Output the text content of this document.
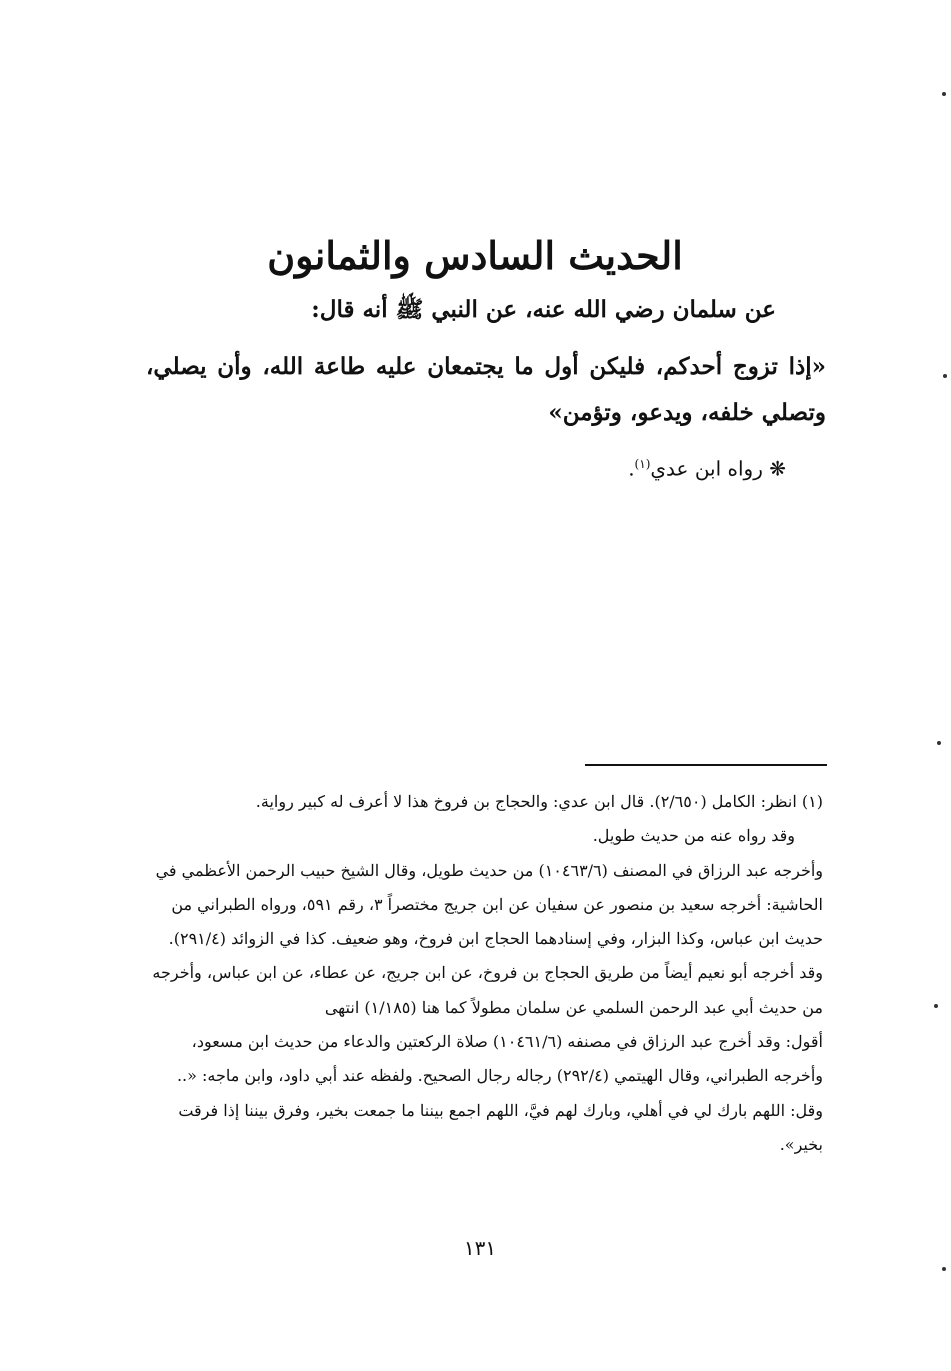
الحديث السادس والثمانون
عن سلمان رضي الله عنه، عن النبي ﷺ أنه قال:
«إذا تزوج أحدكم، فليكن أول ما يجتمعان عليه طاعة الله، وأن يصلي، وتصلي خلفه، ويدعو، وتؤمن»
❋ رواه ابن عدي$^{(١)}$.

(١) انظر: الكامل (٢/٦٥٠). قال ابن عدي: والحجاج بن فروخ هذا لا أعرف له كبير رواية.

وقد رواه عنه من حديث طويل.

وأخرجه عبد الرزاق في المصنف (١٠٤٦٣/٦) من حديث طويل، وقال الشيخ حبيب الرحمن الأعظمي في الحاشية: أخرجه سعيد بن منصور عن سفيان عن ابن جريج مختصراً ٣، رقم ٥٩١، ورواه الطبراني من حديث ابن عباس، وكذا البزار، وفي إسنادهما الحجاج ابن فروخ، وهو ضعيف. كذا في الزوائد (٢٩١/٤). وقد أخرجه أبو نعيم أيضاً من طريق الحجاج بن فروخ، عن ابن جريج، عن عطاء، عن ابن عباس، وأخرجه من حديث أبي عبد الرحمن السلمي عن سلمان مطولاً كما هنا (١/١٨٥) انتهى

أقول: وقد أخرج عبد الرزاق في مصنفه (١٠٤٦١/٦) صلاة الركعتين والدعاء من حديث ابن مسعود، وأخرجه الطبراني، وقال الهيتمي (٢٩٢/٤) رجاله رجال الصحيح. ولفظه عند أبي داود، وابن ماجه: «.. وقل: اللهم بارك لي في أهلي، وبارك لهم فيَّ، اللهم اجمع بيننا ما جمعت بخير، وفرق بيننا إذا فرقت بخير».

١٣١
